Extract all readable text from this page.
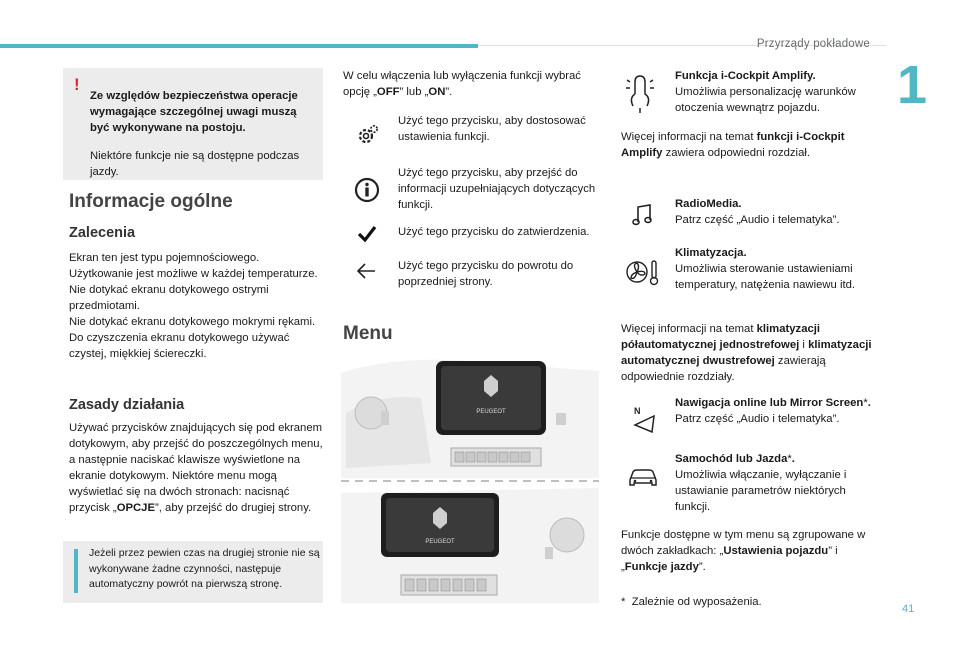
Przyrządy pokładowe
1
41
!

Ze względów bezpieczeństwa operacje wymagające szczególnej uwagi muszą być wykonywane na postoju.

Niektóre funkcje nie są dostępne podczas jazdy.

Informacje ogólne
Zalecenia

Ekran ten jest typu pojemnościowego.

Użytkowanie jest możliwe w każdej temperaturze.

Nie dotykać ekranu dotykowego ostrymi przedmiotami.

Nie dotykać ekranu dotykowego mokrymi rękami.

Do czyszczenia ekranu dotykowego używać czystej, miękkiej ściereczki.

Zasady działania

Używać przycisków znajdujących się pod ekranem dotykowym, aby przejść do poszczególnych menu, a następnie naciskać klawisze wyświetlone na ekranie dotykowym. Niektóre menu mogą wyświetlać się na dwóch stronach: nacisnąć przycisk „OPCJE”, aby przejść do drugiej strony.

Jeżeli przez pewien czas na drugiej stronie nie są wykonywane żadne czynności, następuje automatyczny powrót na pierwszą stronę.

W celu włączenia lub wyłączenia funkcji wybrać opcję „OFF” lub „ON”.

Użyć tego przycisku, aby dostosować ustawienia funkcji.
Użyć tego przycisku, aby przejść do informacji uzupełniających dotyczących funkcji.
Użyć tego przycisku do zatwierdzenia.
Użyć tego przycisku do powrotu do poprzedniej strony.
Menu
PEUGEOT
PEUGEOT
Funkcja i-Cockpit Amplify.
Umożliwia personalizację warunków otoczenia wewnątrz pojazdu.
Więcej informacji na temat funkcji i-Cockpit Amplify zawiera odpowiedni rozdział.
RadioMedia.
Patrz część „Audio i telematyka”.
Klimatyzacja.
Umożliwia sterowanie ustawieniami temperatury, natężenia nawiewu itd.
Więcej informacji na temat klimatyzacji półautomatycznej jednostrefowej i klimatyzacji automatycznej dwustrefowej zawierają odpowiednie rozdziały.
N
Nawigacja online lub Mirror Screen*.
Patrz część „Audio i telematyka”.
Samochód lub Jazda*.
Umożliwia włączanie, wyłączanie i ustawianie parametrów niektórych funkcji.
Funkcje dostępne w tym menu są zgrupowane w dwóch zakładkach: „Ustawienia pojazdu” i „Funkcje jazdy”.
* Zależnie od wyposażenia.
